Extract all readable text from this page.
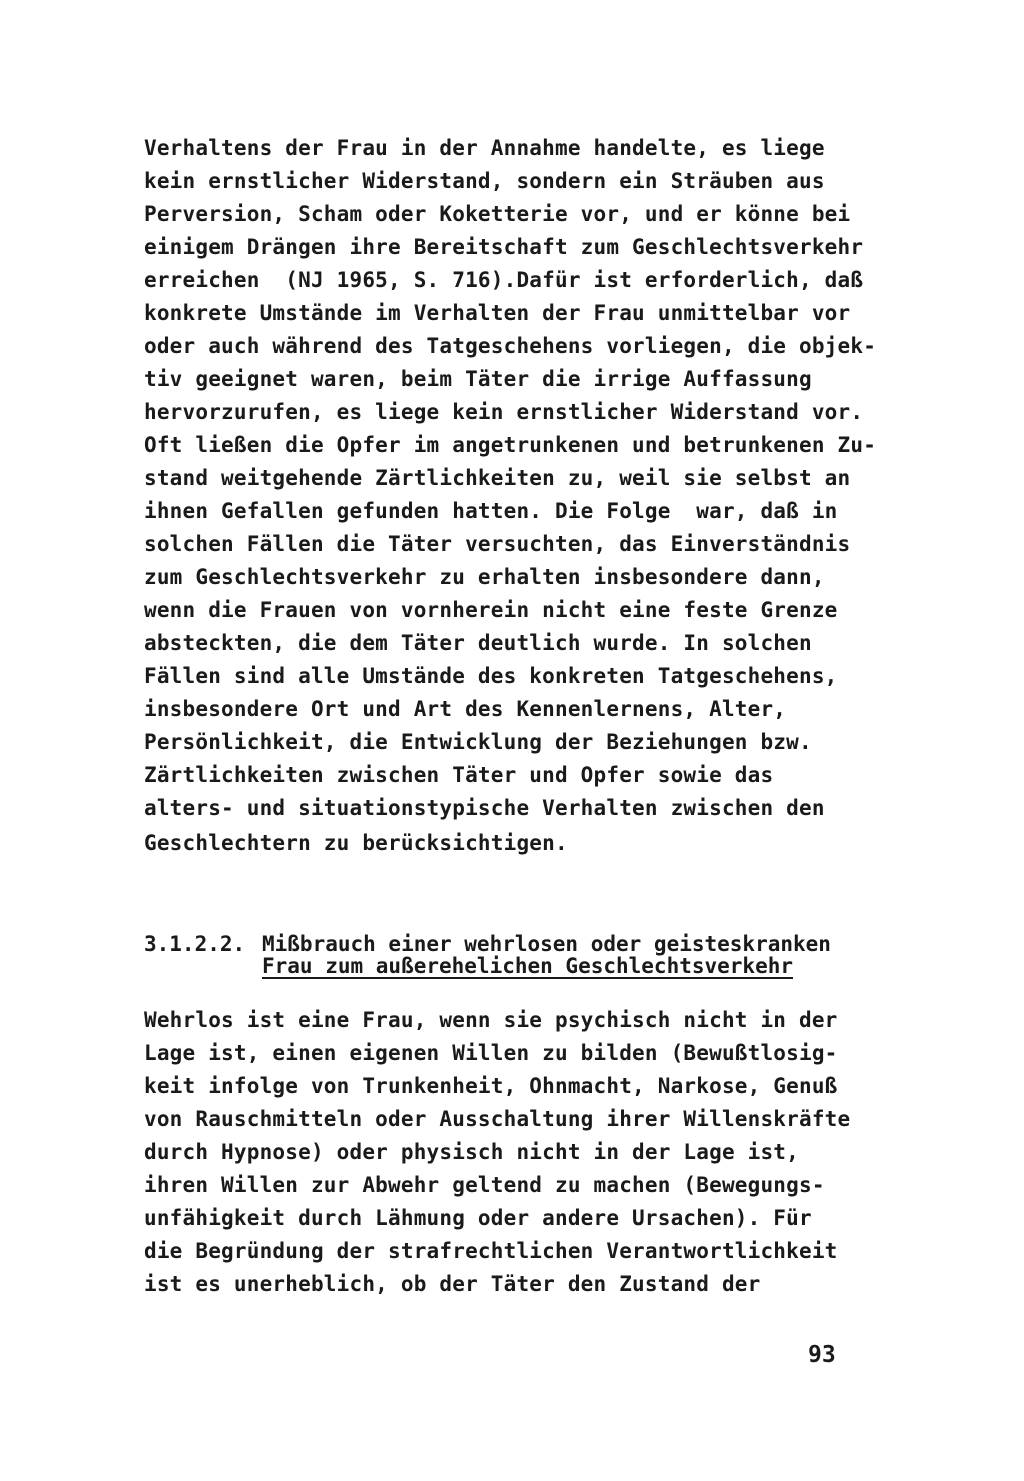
Verhaltens der Frau in der Annahme handelte, es liege

kein ernstlicher Widerstand, sondern ein Sträuben aus

Perversion, Scham oder Koketterie vor, und er könne bei

einigem Drängen ihre Bereitschaft zum Geschlechtsverkehr

erreichen  (NJ 1965, S. 716).Dafür ist erforderlich, daß

konkrete Umstände im Verhalten der Frau unmittelbar vor

oder auch während des Tatgeschehens vorliegen, die objek-

tiv geeignet waren, beim Täter die irrige Auffassung

hervorzurufen, es liege kein ernstlicher Widerstand vor.

Oft ließen die Opfer im angetrunkenen und betrunkenen Zu-

stand weitgehende Zärtlichkeiten zu, weil sie selbst an

ihnen Gefallen gefunden hatten. Die Folge  war, daß in

solchen Fällen die Täter versuchten, das Einverständnis

zum Geschlechtsverkehr zu erhalten insbesondere dann,

wenn die Frauen von vornherein nicht eine feste Grenze

absteckten, die dem Täter deutlich wurde. In solchen

Fällen sind alle Umstände des konkreten Tatgeschehens,

insbesondere Ort und Art des Kennenlernens, Alter,

Persönlichkeit, die Entwicklung der Beziehungen bzw.

Zärtlichkeiten zwischen Täter und Opfer sowie das

alters- und situationstypische Verhalten zwischen den

Geschlechtern zu berücksichtigen.

3.1.2.2. Mißbrauch einer wehrlosen oder geisteskranken
Frau zum außerehelichen Geschlechtsverkehr

Wehrlos ist eine Frau, wenn sie psychisch nicht in der

Lage ist, einen eigenen Willen zu bilden (Bewußtlosig-

keit infolge von Trunkenheit, Ohnmacht, Narkose, Genuß

von Rauschmitteln oder Ausschaltung ihrer Willenskräfte

durch Hypnose) oder physisch nicht in der Lage ist,

ihren Willen zur Abwehr geltend zu machen (Bewegungs-

unfähigkeit durch Lähmung oder andere Ursachen). Für

die Begründung der strafrechtlichen Verantwortlichkeit

ist es unerheblich, ob der Täter den Zustand der

93
